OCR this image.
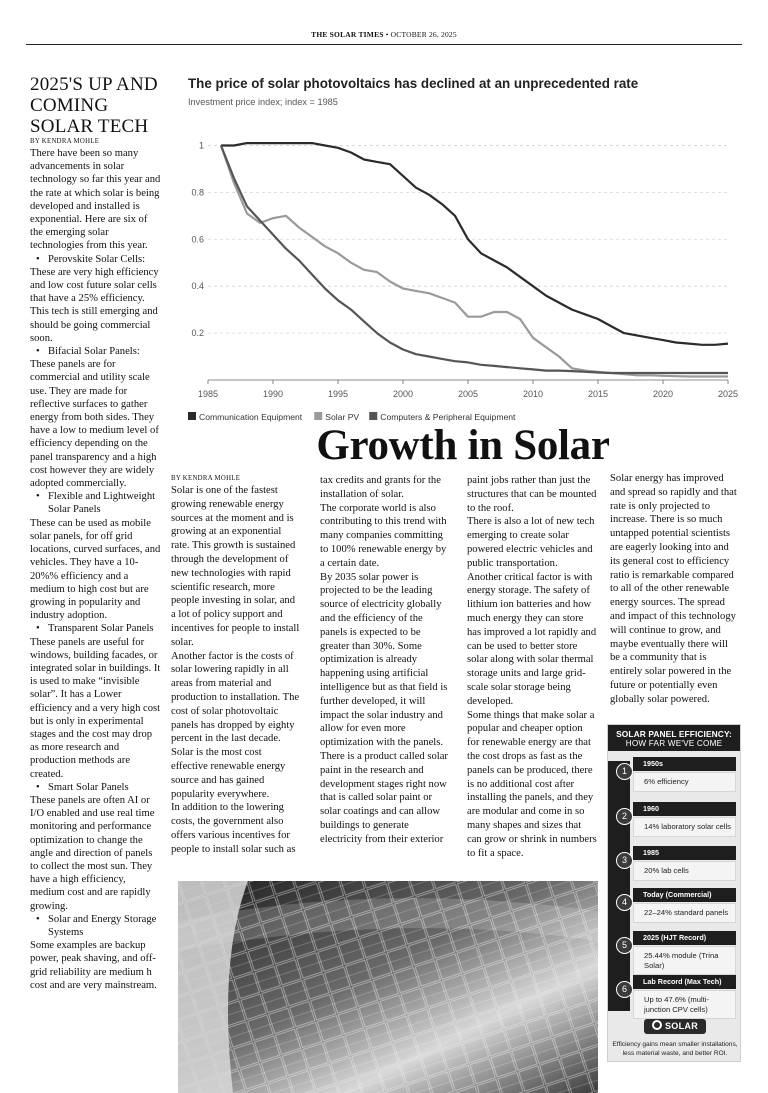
THE SOLAR TIMES • OCTOBER 26, 2025
2025'S UP AND COMING SOLAR TECH
BY KENDRA MOHLE
There have been so many advancements in solar technology so far this year and the rate at which solar is being developed and installed is exponential. Here are six of the emerging solar technologies from this year.
• Perovskite Solar Cells:
These are very high efficiency and low cost future solar cells that have a 25% efficiency. This tech is still emerging and should be going commercial soon.
• Bifacial Solar Panels:
These panels are for commercial and utility scale use. They are made for reflective surfaces to gather energy from both sides. They have a low to medium level of efficiency depending on the panel transparency and a high cost however they are widely adopted commercially.
• Flexible and Lightweight Solar Panels
These can be used as mobile solar panels, for off grid locations, curved surfaces, and vehicles. They have a 10-20%% efficiency and a medium to high cost but are growing in popularity and industry adoption.
• Transparent Solar Panels
These panels are useful for windows, building facades, or integrated solar in buildings. It is used to make “invisible solar”. It has a Lower efficiency and a very high cost but is only in experimental stages and the cost may drop as more research and production methods are created.
• Smart Solar Panels
These panels are often AI or I/O enabled and use real time monitoring and performance optimization to change the angle and direction of panels to collect the most sun. They have a high efficiency, medium cost and are rapidly growing.
• Solar and Energy Storage Systems
Some examples are backup power, peak shaving, and off-grid reliability are medium h cost and are very mainstream.
The price of solar photovoltaics has declined at an unprecedented rate
Investment price index; index = 1985
0.2
0.4
0.6
0.8
1
1985	1990	1995	2000	2005	2010	2015	2020	2025
Communication Equipment	Solar PV Computers & Peripheral Equipment
Growth in Solar
BY KENDRA MOHLE

Solar is one of the fastest growing renewable energy sources at the moment and is growing at an exponential rate. This growth is sustained through the development of new technologies with rapid scientific research, more people investing in solar, and a lot of policy support and incentives for people to install solar.

Another factor is the costs of solar lowering rapidly in all areas from material and production to installation. The cost of solar photovoltaic panels has dropped by eighty percent in the last decade. Solar is the most cost effective renewable energy source and has gained popularity everywhere.

In addition to the lowering costs, the government also offers various incentives for people to install solar such as

tax credits and grants for the installation of solar.

The corporate world is also contributing to this trend with many companies committing to 100% renewable energy by a certain date.

By 2035 solar power is projected to be the leading source of electricity globally and the efficiency of the panels is expected to be greater than 30%. Some optimization is already happening using artificial intelligence but as that field is further developed, it will impact the solar industry and allow for even more optimization with the panels. There is a product called solar paint in the research and development stages right now that is called solar paint or solar coatings and can allow buildings to generate electricity from their exterior

paint jobs rather than just the structures that can be mounted to the roof.

There is also a lot of new tech emerging to create solar powered electric vehicles and public transportation.

Another critical factor is with energy storage. The safety of lithium ion batteries and how much energy they can store has improved a lot rapidly and can be used to better store solar along with solar thermal storage units and large grid-scale solar storage being developed.

Some things that make solar a popular and cheaper option for renewable energy are that the cost drops as fast as the panels can be produced, there is no additional cost after installing the panels, and they are modular and come in so many shapes and sizes that can grow or shrink in numbers to fit a space.

Solar energy has improved and spread so rapidly and that rate is only projected to increase. There is so much untapped potential scientists are eagerly looking into and its general cost to efficiency ratio is remarkable compared to all of the other renewable energy sources. The spread and impact of this technology will continue to grow, and maybe eventually there will be a community that is entirely solar powered in the future or potentially even globally solar powered.

SOLAR PANEL EFFICIENCY:
HOW FAR WE'VE COME
1
1950s
6% efficiency
2
1960
14% laboratory solar cells
3
1985
20% lab cells
4
Today (Commercial)
22–24% standard panels
5
2025 (HJT Record)
25.44% module (Trina Solar)
6
Lab Record (Max Tech)
Up to 47.6% (multi-junction CPV cells)
SOLAR
Efficiency gains mean smaller installations, less material waste, and better ROI.
